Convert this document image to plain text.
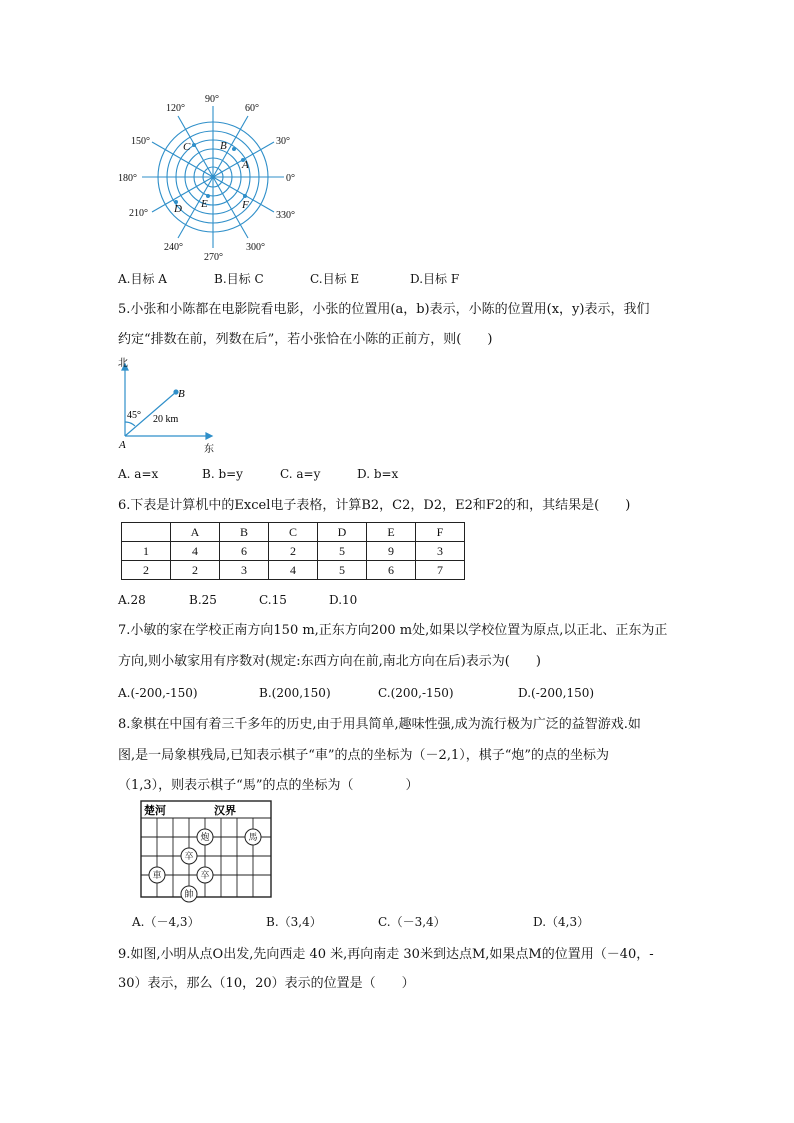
0°
30°
60°
90°
120°
150°
180°
210°
240°
270°
300°
330°
A
B
C
D E	F
A.目标 A	B.目标 C	C.目标 E	D.目标 F
5.小张和小陈都在电影院看电影，小张的位置用(a，b)表示，小陈的位置用(x，y)表示，我们
约定“排数在前，列数在后”，若小张恰在小陈的正前方，则(　　)
北
东
A
B
45° 20 km
A. a=x	B. b=y	C. a=y	D. b=x
6.下表是计算机中的Excel电子表格，计算B2，C2，D2，E2和F2的和，其结果是(　　)
	A	B	C	D	E	F
1	4	6	2	5	9	3
2	2	3	4	5	6	7
A.28	B.25	C.15	D.10
7.小敏的家在学校正南方向150 m,正东方向200 m处,如果以学校位置为原点,以正北、正东为正
方向,则小敏家用有序数对(规定:东西方向在前,南北方向在后)表示为(　　)
A.(-200,-150)	B.(200,150)	C.(200,-150)	D.(-200,150)
8.象棋在中国有着三千多年的历史,由于用具简单,趣味性强,成为流行极为广泛的益智游戏.如
图,是一局象棋残局,已知表示棋子“車”的点的坐标为（－2,1），棋子“炮”的点的坐标为
（1,3），则表示棋子“馬”的点的坐标为（　　　　）
楚河	汉界
炮	馬
卒
卒
車
帥
A.（－4,3）	B.（3,4）	C.（－3,4）	D.（4,3）
9.如图,小明从点O出发,先向西走 40 米,再向南走 30米到达点M,如果点M的位置用（－40，-
30）表示，那么（10，20）表示的位置是（　　）
